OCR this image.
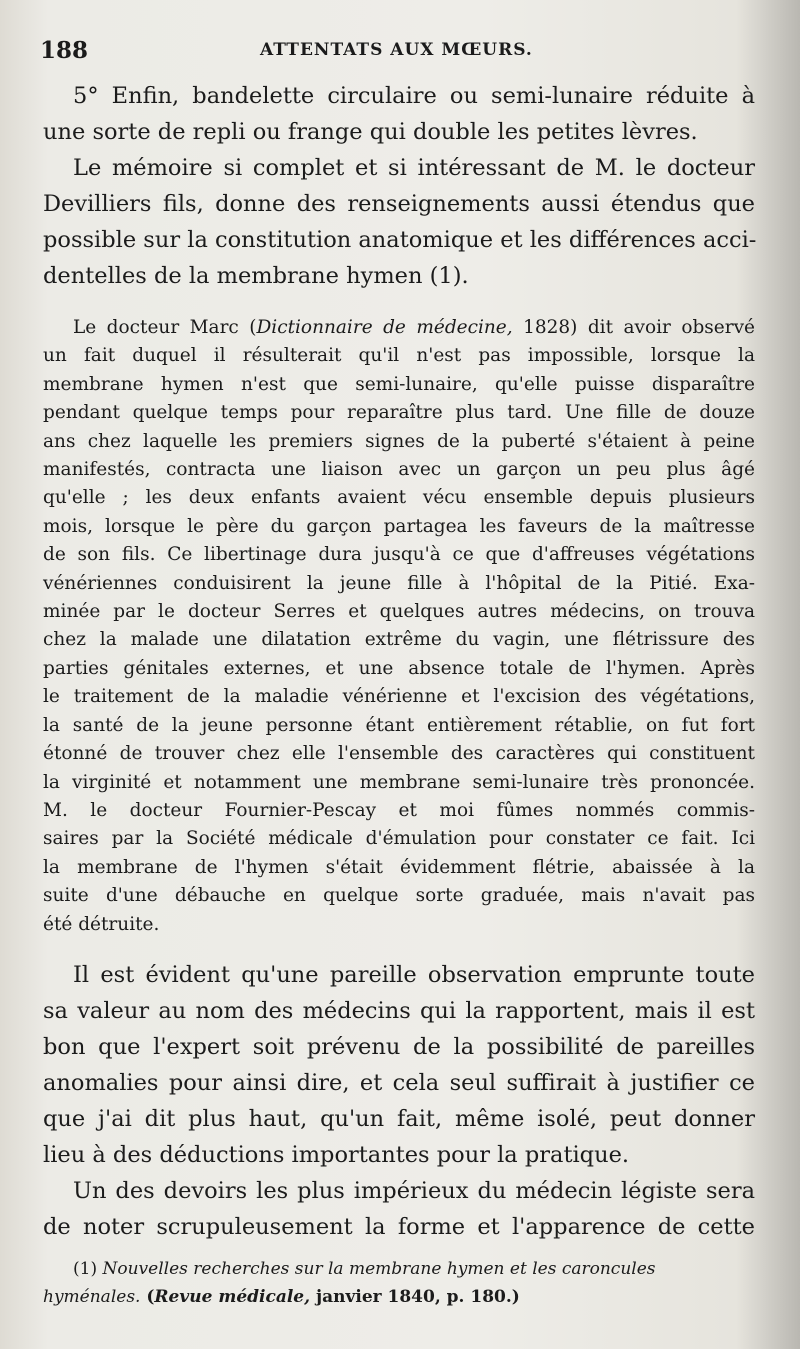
188	ATTENTATS AUX MŒURS.

5° Enfin, bandelette circulaire ou semi-lunaire réduite à
une sorte de repli ou frange qui double les petites lèvres.

Le mémoire si complet et si intéressant de M. le docteur
Devilliers fils, donne des renseignements aussi étendus que
possible sur la constitution anatomique et les différences acci-
dentelles de la membrane hymen (1).

Le docteur Marc (Dictionnaire de médecine, 1828) dit avoir observé
un fait duquel il résulterait qu'il n'est pas impossible, lorsque la
membrane hymen n'est que semi-lunaire, qu'elle puisse disparaître
pendant quelque temps pour reparaître plus tard. Une fille de douze
ans chez laquelle les premiers signes de la puberté s'étaient à peine
manifestés, contracta une liaison avec un garçon un peu plus âgé
qu'elle ; les deux enfants avaient vécu ensemble depuis plusieurs
mois, lorsque le père du garçon partagea les faveurs de la maîtresse
de son fils. Ce libertinage dura jusqu'à ce que d'affreuses végétations
vénériennes conduisirent la jeune fille à l'hôpital de la Pitié. Exa-
minée par le docteur Serres et quelques autres médecins, on trouva
chez la malade une dilatation extrême du vagin, une flétrissure des
parties génitales externes, et une absence totale de l'hymen. Après
le traitement de la maladie vénérienne et l'excision des végétations,
la santé de la jeune personne étant entièrement rétablie, on fut fort
étonné de trouver chez elle l'ensemble des caractères qui constituent
la virginité et notamment une membrane semi-lunaire très prononcée.
M. le docteur Fournier-Pescay et moi fûmes nommés commis-
saires par la Société médicale d'émulation pour constater ce fait. Ici
la membrane de l'hymen s'était évidemment flétrie, abaissée à la
suite d'une débauche en quelque sorte graduée, mais n'avait pas
été détruite.

Il est évident qu'une pareille observation emprunte toute
sa valeur au nom des médecins qui la rapportent, mais il est
bon que l'expert soit prévenu de la possibilité de pareilles
anomalies pour ainsi dire, et cela seul suffirait à justifier ce
que j'ai dit plus haut, qu'un fait, même isolé, peut donner
lieu à des déductions importantes pour la pratique.

Un des devoirs les plus impérieux du médecin légiste sera
de noter scrupuleusement la forme et l'apparence de cette

(1) Nouvelles recherches sur la membrane hymen et les caroncules
hyménales. (Revue médicale, janvier 1840, p. 180.)
